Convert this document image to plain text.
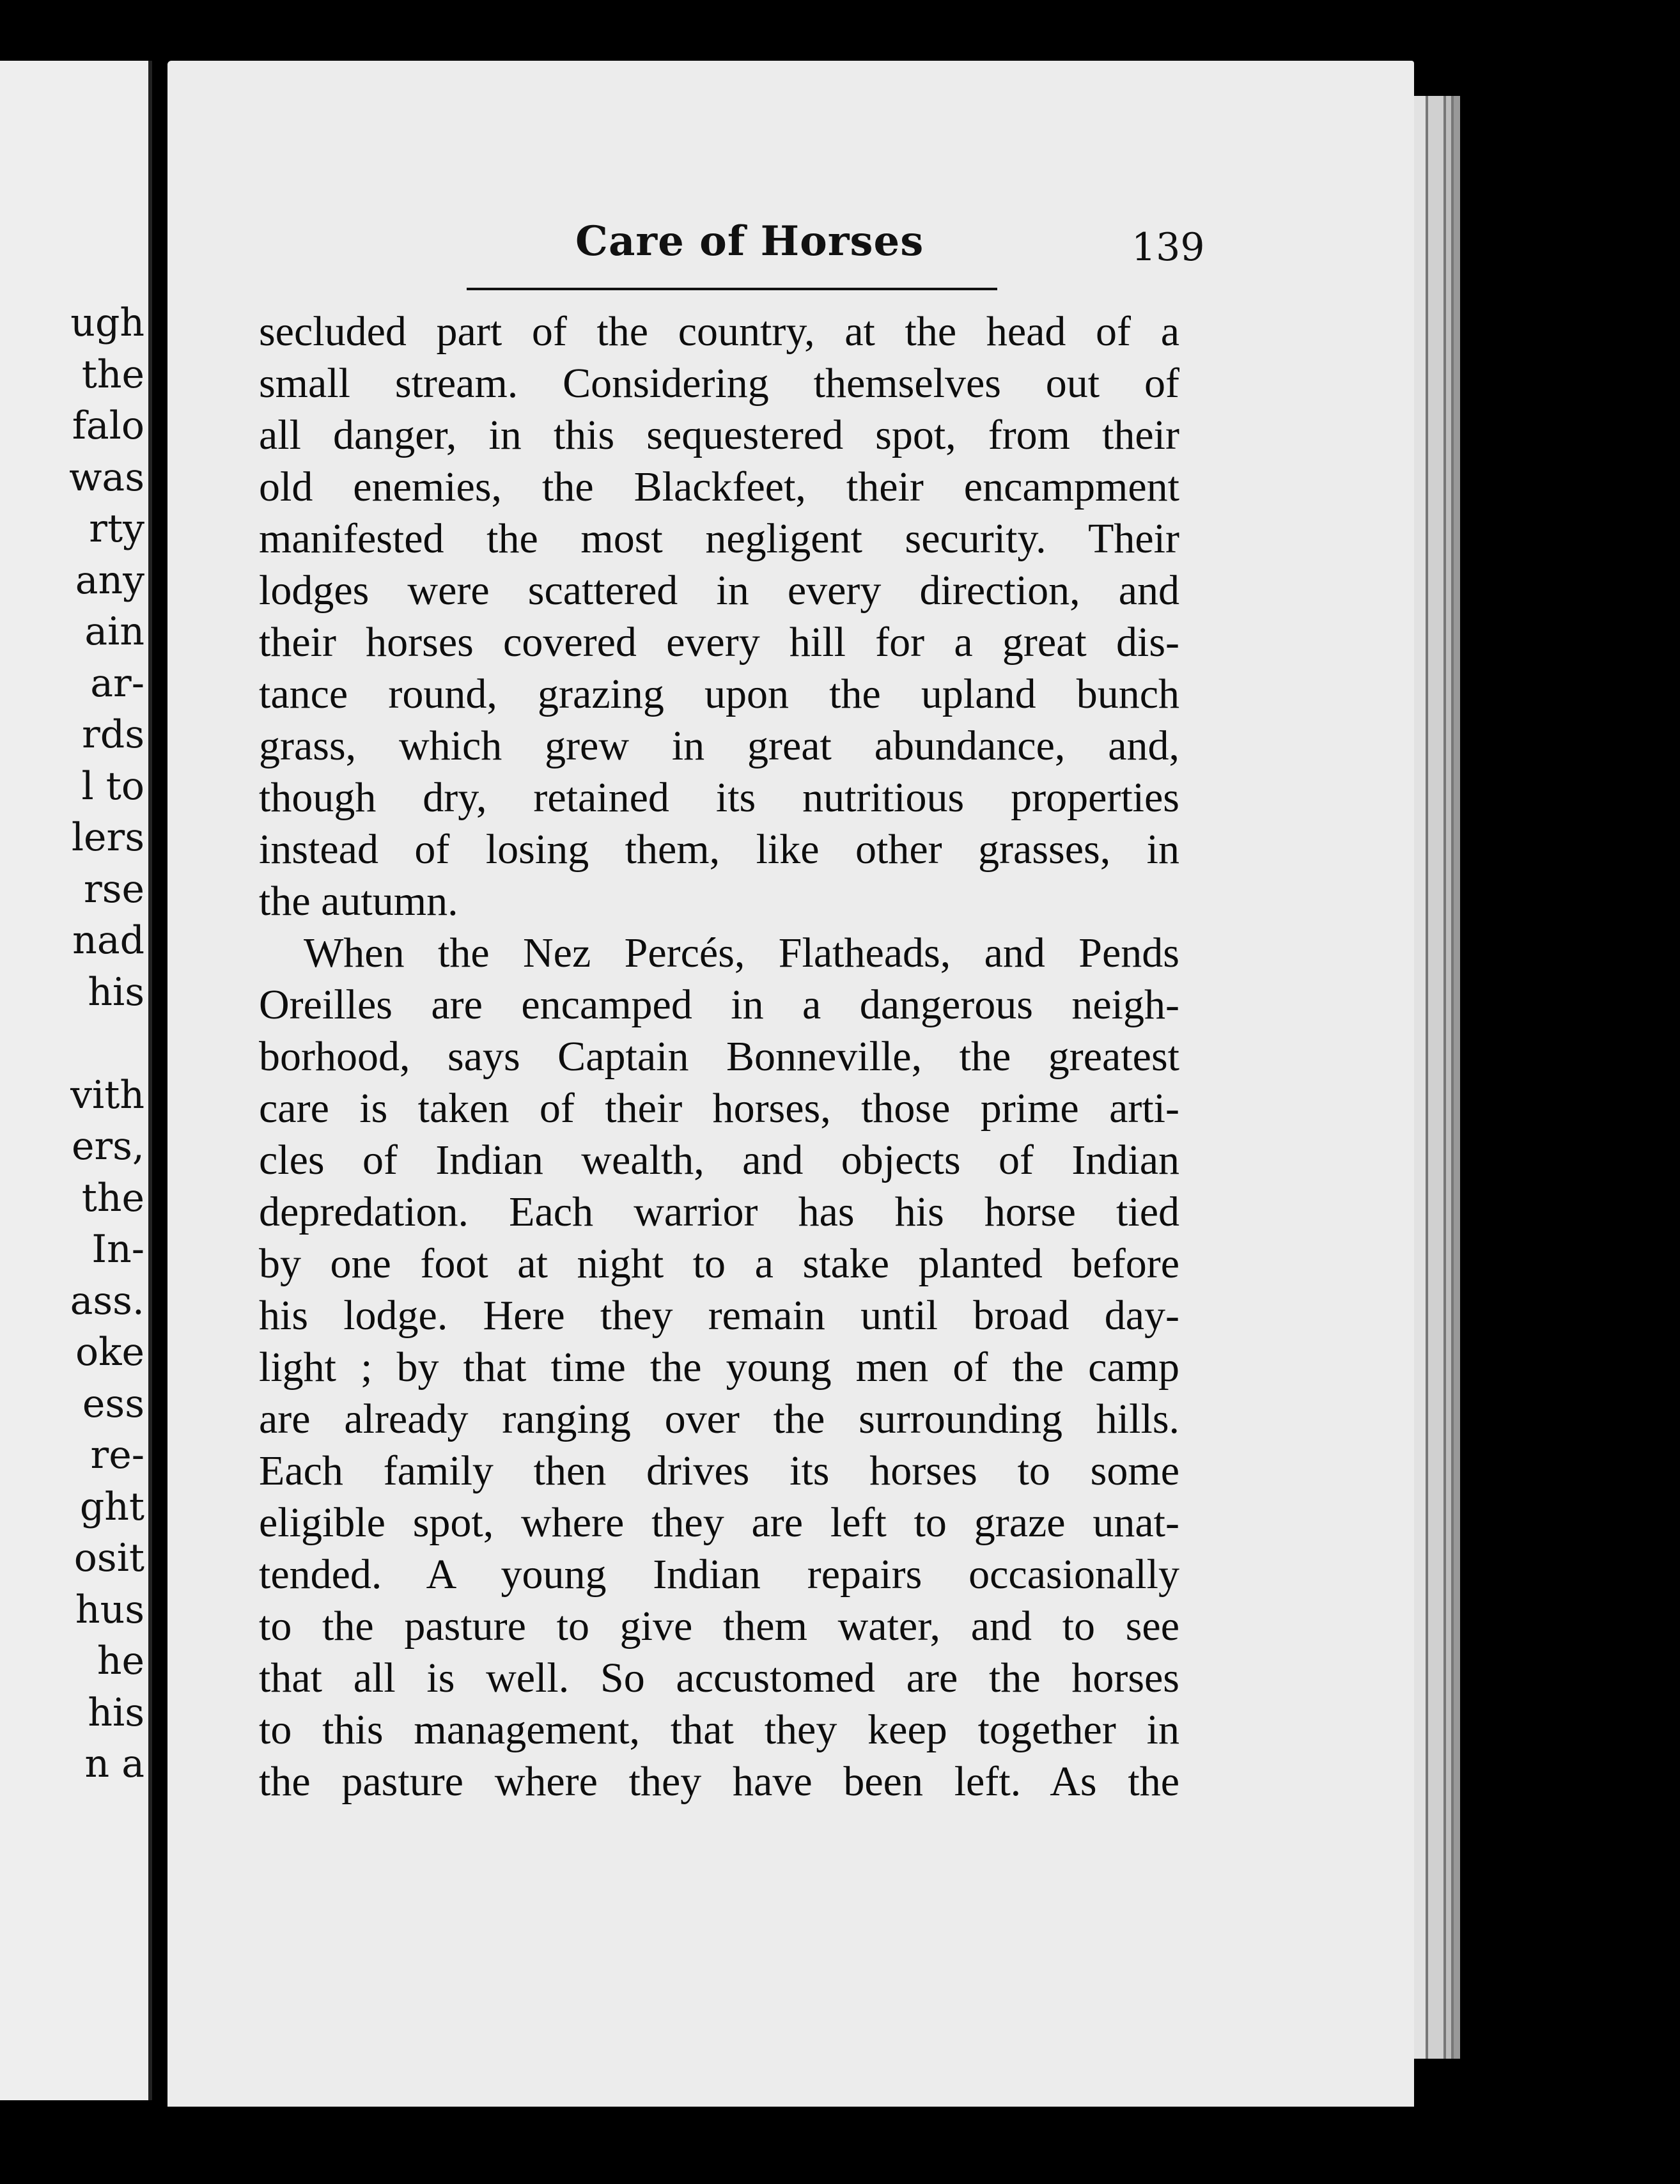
ugh
the
falo
was
rty
any
ain
ar-
rds
l to
lers
rse
nad
his
vith
ers,
the
In-
ass.
oke
ess
re-
ght
osit
hus
he
his
n a
Care of Horses	139
secluded part of the country, at the head of a
small stream. Considering themselves out of
all danger, in this sequestered spot, from their
old enemies, the Blackfeet, their encampment
manifested the most negligent security. Their
lodges were scattered in every direction, and
their horses covered every hill for a great dis-
tance round, grazing upon the upland bunch
grass, which grew in great abundance, and,
though dry, retained its nutritious properties
instead of losing them, like other grasses, in
the autumn.
When the Nez Percés, Flatheads, and Pends
Oreilles are encamped in a dangerous neigh-
borhood, says Captain Bonneville, the greatest
care is taken of their horses, those prime arti-
cles of Indian wealth, and objects of Indian
depredation. Each warrior has his horse tied
by one foot at night to a stake planted before
his lodge. Here they remain until broad day-
light ; by that time the young men of the camp
are already ranging over the surrounding hills.
Each family then drives its horses to some
eligible spot, where they are left to graze unat-
tended. A young Indian repairs occasionally
to the pasture to give them water, and to see
that all is well. So accustomed are the horses
to this management, that they keep together in
the pasture where they have been left. As the
